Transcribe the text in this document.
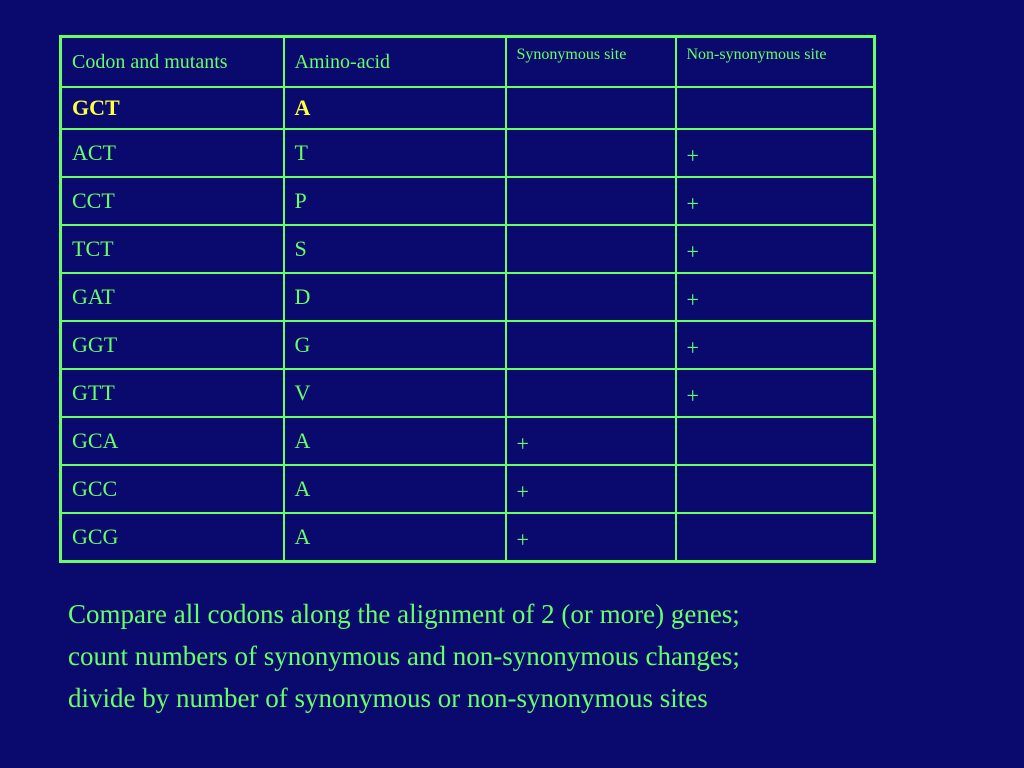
Codon and mutants	Amino-acid	Synonymous site	Non-synonymous site
GCT	A		
ACT	T		+
CCT	P		+
TCT	S		+
GAT	D		+
GGT	G		+
GTT	V		+
GCA	A	+	
GCC	A	+	
GCG	A	+	
Compare all codons along the alignment of 2 (or more) genes;
count numbers of synonymous and non-synonymous changes;
divide by number of synonymous or non-synonymous sites
